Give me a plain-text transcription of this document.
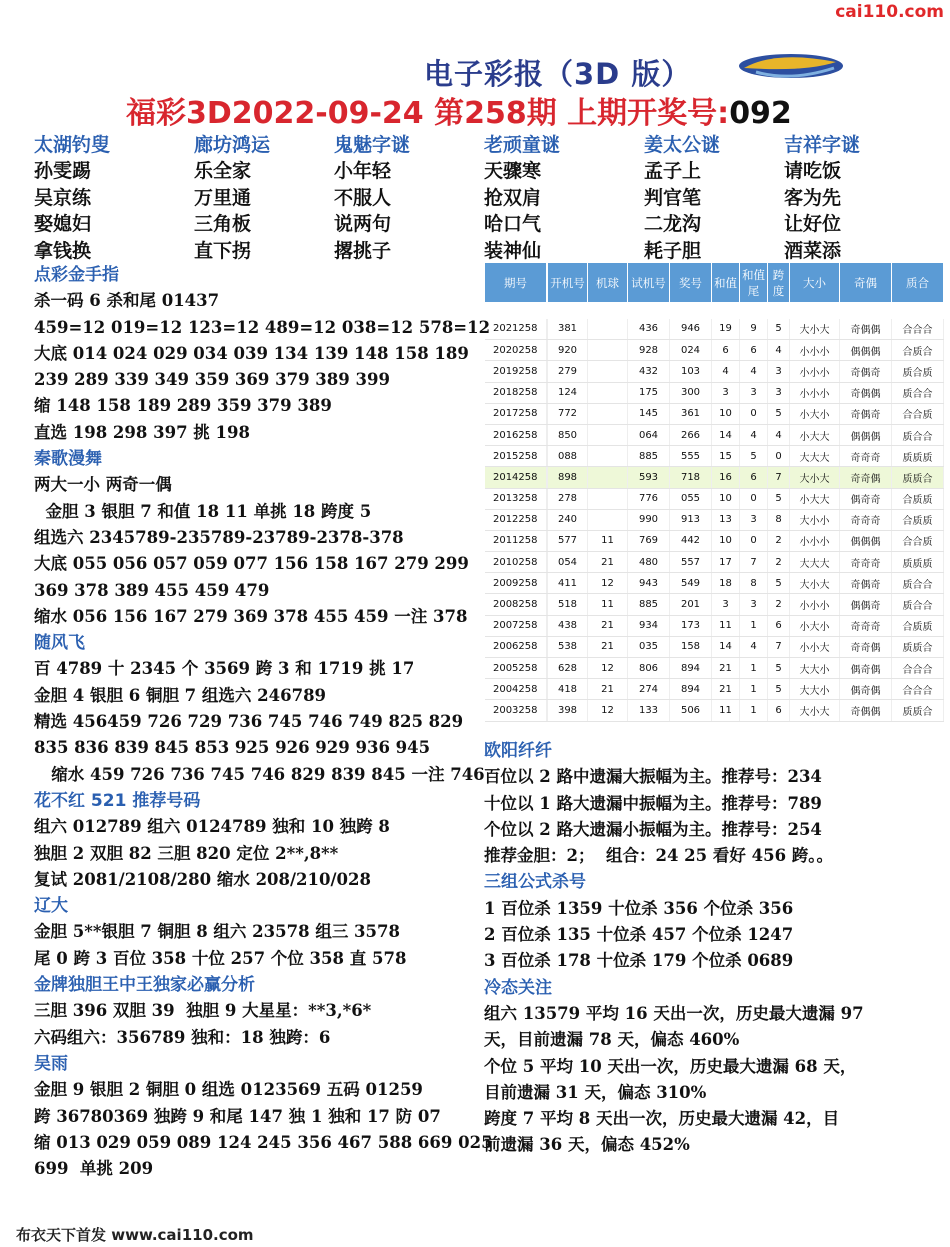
cai110.com
电子彩报（3D 版）
福彩3D2022-09-24 第258期 上期开奖号:092
太湖钓叟	廊坊鸿运	鬼魅字谜	老顽童谜	姜太公谜	吉祥字谜
孙雯踢	乐全家	小年轻	天骤寒	孟子上	请吃饭
吴京练	万里通	不服人	抢双肩	判官笔	客为先
娶媳妇	三角板	说两句	哈口气	二龙沟	让好位
拿钱换	直下拐	撂挑子	装神仙	耗子胆	酒菜添
点彩金手指
杀一码 6 杀和尾 01437
459=12 019=12 123=12 489=12 038=12 578=12
大底 014 024 029 034 039 134 139 148 158 189
239 289 339 349 359 369 379 389 399
缩 148 158 189 289 359 379 389
直选 198 298 397 挑 198
秦歌漫舞
两大一小 两奇一偶
金胆 3 银胆 7 和值 18 11 单挑 18 跨度 5
组选六 2345789-235789-23789-2378-378
大底 055 056 057 059 077 156 158 167 279 299
369 378 389 455 459 479
缩水 056 156 167 279 369 378 455 459 一注 378
随风飞
百 4789 十 2345 个 3569 跨 3 和 1719 挑 17
金胆 4 银胆 6 铜胆 7 组选六 246789
精选 456459 726 729 736 745 746 749 825 829
835 836 839 845 853 925 926 929 936 945
缩水 459 726 736 745 746 829 839 845 一注 746
花不红 521 推荐号码
组六 012789 组六 0124789 独和 10 独跨 8
独胆 2 双胆 82 三胆 820 定位 2**,8**
复试 2081/2108/280 缩水 208/210/028
辽大
金胆 5**银胆 7 铜胆 8 组六 23578 组三 3578
尾 0 跨 3 百位 358 十位 257 个位 358 直 578
金牌独胆王中王独家必赢分析
三胆 396 双胆 39  独胆 9 大星星：**3,*6*
六码组六：356789 独和：18 独跨：6
吴雨
金胆 9 银胆 2 铜胆 0 组选 0123569 五码 01259
跨 36780369 独跨 9 和尾 147 独 1 独和 17 防 07
缩 013 029 059 089 124 245 356 467 588 669 025
699  单挑 209
期号		开机号	机球	试机号	奖号	和值	和值尾	跨度	大小	奇偶	质合

2021258		381		436	946	19	9	5	大小大	奇偶偶	合合合
2020258		920		928	024	6	6	4	小小小	偶偶偶	合质合
2019258		279		432	103	4	4	3	小小小	奇偶奇	质合质
2018258		124		175	300	3	3	3	小小小	奇偶偶	质合合
2017258		772		145	361	10	0	5	小大小	奇偶奇	合合质
2016258		850		064	266	14	4	4	小大大	偶偶偶	质合合
2015258		088		885	555	15	5	0	大大大	奇奇奇	质质质
2014258		898		593	718	16	6	7	大小大	奇奇偶	质质合
2013258		278		776	055	10	0	5	小大大	偶奇奇	合质质
2012258		240		990	913	13	3	8	大小小	奇奇奇	合质质
2011258		577	11	769	442	10	0	2	小小小	偶偶偶	合合质
2010258		054	21	480	557	17	7	2	大大大	奇奇奇	质质质
2009258		411	12	943	549	18	8	5	大小大	奇偶奇	质合合
2008258		518	11	885	201	3	3	2	小小小	偶偶奇	质合合
2007258		438	21	934	173	11	1	6	小大小	奇奇奇	合质质
2006258		538	21	035	158	14	4	7	小小大	奇奇偶	质质合
2005258		628	12	806	894	21	1	5	大大小	偶奇偶	合合合
2004258		418	21	274	894	21	1	5	大大小	偶奇偶	合合合
2003258		398	12	133	506	11	1	6	大小大	奇偶偶	质质合
欧阳纤纤
百位以 2 路中遗漏大振幅为主。推荐号：234
十位以 1 路大遗漏中振幅为主。推荐号：789
个位以 2 路大遗漏小振幅为主。推荐号：254
推荐金胆：2；  组合：24 25 看好 456 跨。。
三组公式杀号
1 百位杀 1359 十位杀 356 个位杀 356
2 百位杀 135 十位杀 457 个位杀 1247
3 百位杀 178 十位杀 179 个位杀 0689
冷态关注
组六 13579 平均 16 天出一次，历史最大遗漏 97
天，目前遗漏 78 天，偏态 460%
个位 5 平均 10 天出一次，历史最大遗漏 68 天，
目前遗漏 31 天，偏态 310%
跨度 7 平均 8 天出一次，历史最大遗漏 42，目
前遗漏 36 天，偏态 452%
布衣天下首发 www.cai110.com
